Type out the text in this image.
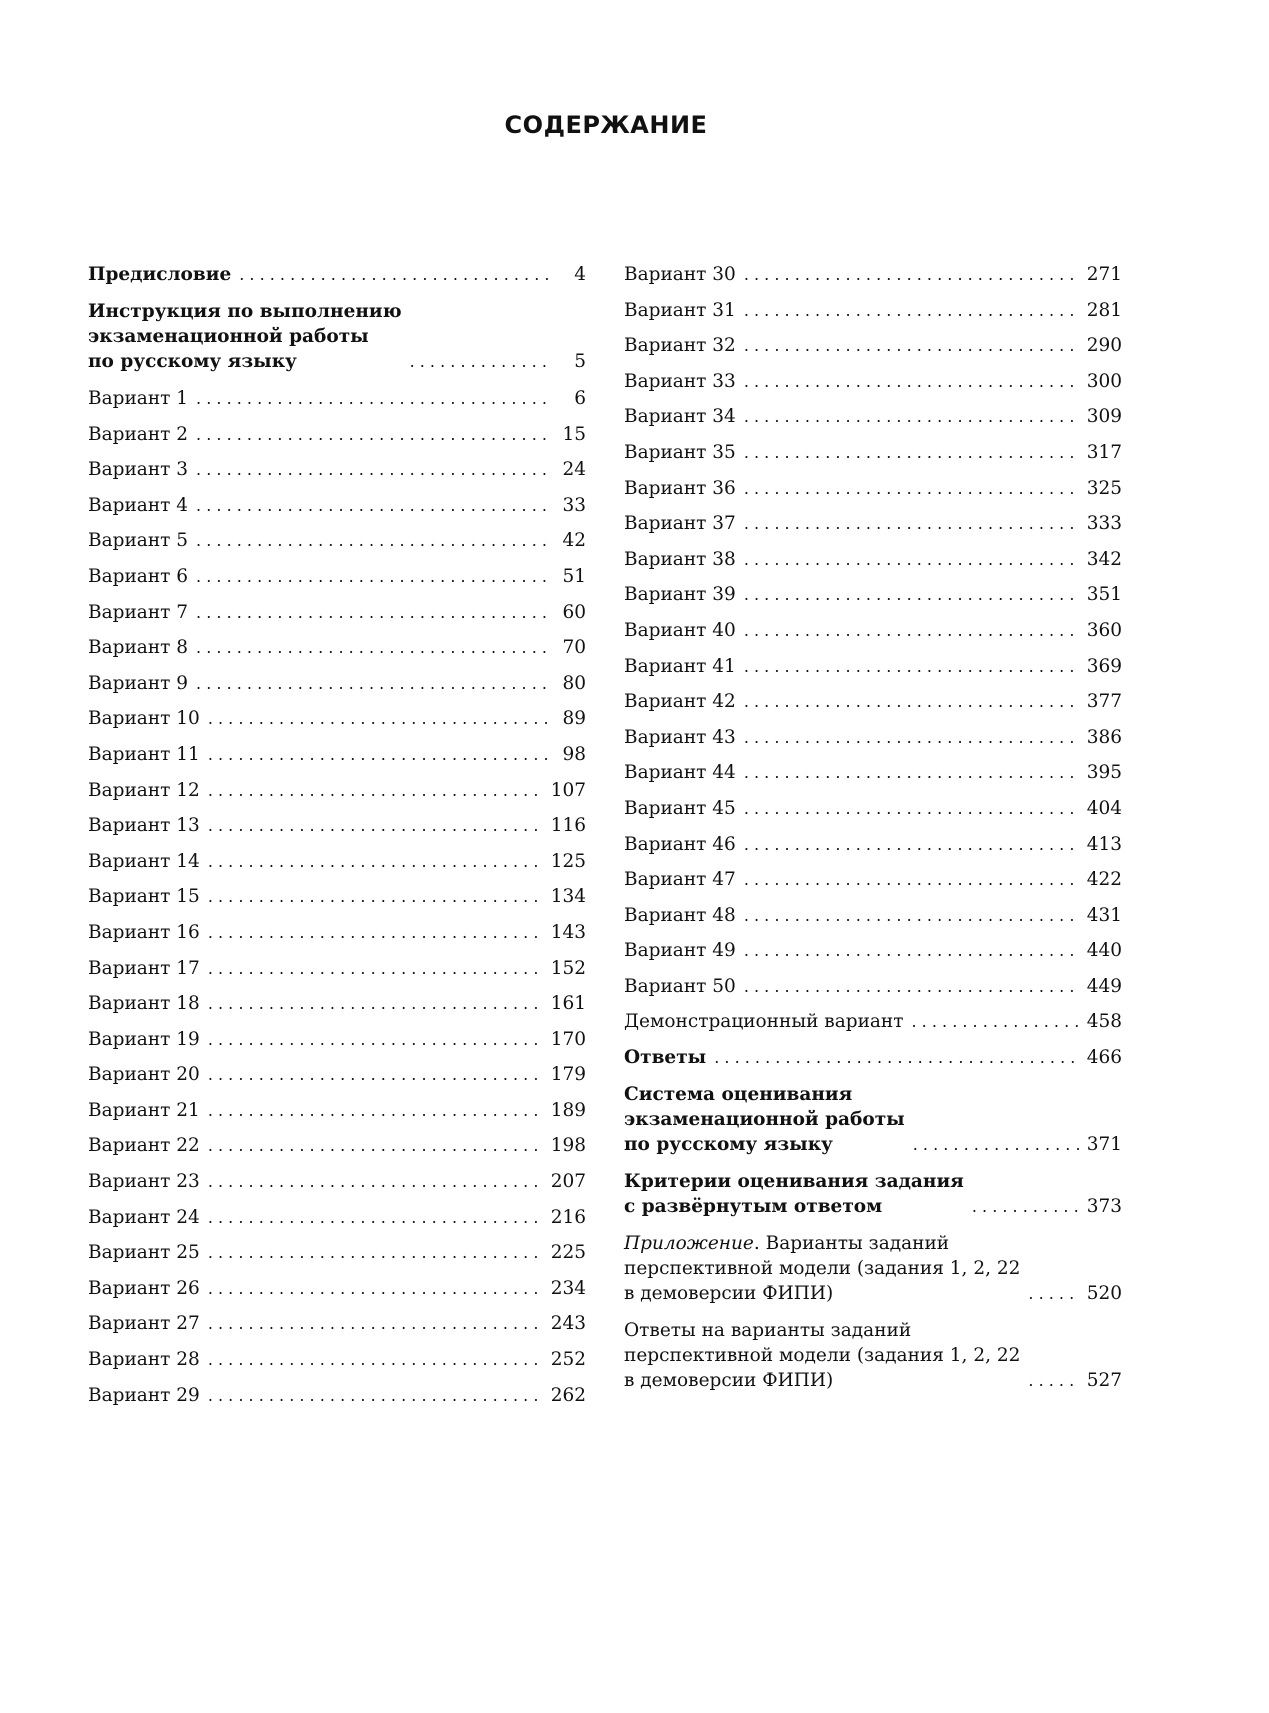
СОДЕРЖАНИЕ
Предисловие . . .	4
Инструкция по выполнению
экзаменационной работы
по русскому языку . . .	5
Вариант 1 . . .	6
Вариант 2 . . .	15
Вариант 3 . . .	24
Вариант 4 . . .	33
Вариант 5 . . .	42
Вариант 6 . . .	51
Вариант 7 . . .	60
Вариант 8 . . .	70
Вариант 9 . . .	80
Вариант 10 . . .	89
Вариант 11 . . .	98
Вариант 12 . . .	107
Вариант 13 . . .	116
Вариант 14 . . .	125
Вариант 15 . . .	134
Вариант 16 . . .	143
Вариант 17 . . .	152
Вариант 18 . . .	161
Вариант 19 . . .	170
Вариант 20 . . .	179
Вариант 21 . . .	189
Вариант 22 . . .	198
Вариант 23 . . .	207
Вариант 24 . . .	216
Вариант 25 . . .	225
Вариант 26 . . .	234
Вариант 27 . . .	243
Вариант 28 . . .	252
Вариант 29 . . .	262
Вариант 30 . . .	271
Вариант 31 . . .	281
Вариант 32 . . .	290
Вариант 33 . . .	300
Вариант 34 . . .	309
Вариант 35 . . .	317
Вариант 36 . . .	325
Вариант 37 . . .	333
Вариант 38 . . .	342
Вариант 39 . . .	351
Вариант 40 . . .	360
Вариант 41 . . .	369
Вариант 42 . . .	377
Вариант 43 . . .	386
Вариант 44 . . .	395
Вариант 45 . . .	404
Вариант 46 . . .	413
Вариант 47 . . .	422
Вариант 48 . . .	431
Вариант 49 . . .	440
Вариант 50 . . .	449
Демонстрационный вариант . . .	458
Ответы . . .	466
Система оценивания
экзаменационной работы
по русскому языку . . .	371
Критерии оценивания задания
с развёрнутым ответом . . .	373
Приложение. Варианты заданий
перспективной модели (задания 1, 2, 22
в демоверсии ФИПИ) . . .	520
Ответы на варианты заданий
перспективной модели (задания 1, 2, 22
в демоверсии ФИПИ) . . .	527
